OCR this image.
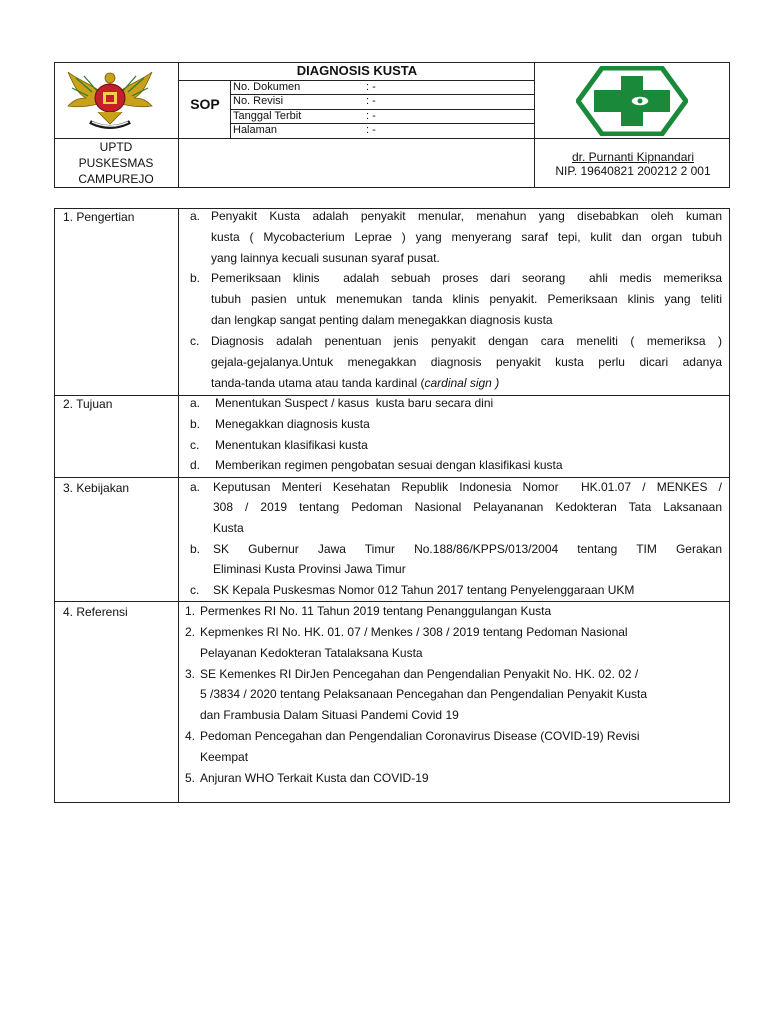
DIAGNOSIS KUSTA
SOP
No. Dokumen	: -
No. Revisi	: -
Tanggal Terbit	: -
Halaman	: -
UPTD
PUSKESMAS
CAMPUREJO
dr. Purnanti Kipnandari
NIP. 19640821 200212 2 001
1. Pengertian	a. Penyakit Kusta adalah penyakit menular, menahun yang disebabkan oleh kuman
kusta ( Mycobacterium Leprae ) yang menyerang saraf tepi, kulit dan organ tubuh
yang lainnya kecuali susunan syaraf pusat.
b. Pemeriksaan klinis  adalah sebuah proses dari seorang  ahli medis memeriksa
tubuh pasien untuk menemukan tanda klinis penyakit. Pemeriksaan klinis yang teliti
dan lengkap sangat penting dalam menegakkan diagnosis kusta
c. Diagnosis adalah penentuan jenis penyakit dengan cara meneliti ( memeriksa )
gejala-gejalanya.Untuk menegakkan diagnosis penyakit kusta perlu dicari adanya
tanda-tanda utama atau tanda kardinal (cardinal sign )
2. Tujuan	a. Menentukan Suspect / kasus  kusta baru secara dini
b. Menegakkan diagnosis kusta
c. Menentukan klasifikasi kusta
d. Memberikan regimen pengobatan sesuai dengan klasifikasi kusta
3. Kebijakan	a. Keputusan Menteri Kesehatan Republik Indonesia Nomor  HK.01.07 / MENKES /
308 / 2019 tentang Pedoman Nasional Pelayananan Kedokteran Tata Laksanaan
Kusta
b. SK Gubernur Jawa Timur No.188/86/KPPS/013/2004 tentang TIM Gerakan
Eliminasi Kusta Provinsi Jawa Timur
c. SK Kepala Puskesmas Nomor 012 Tahun 2017 tentang Penyelenggaraan UKM
4. Referensi	1. Permenkes RI No. 11 Tahun 2019 tentang Penanggulangan Kusta
2. Kepmenkes RI No. HK. 01. 07 / Menkes / 308 / 2019 tentang Pedoman Nasional
Pelayanan Kedokteran Tatalaksana Kusta
3. SE Kemenkes RI DirJen Pencegahan dan Pengendalian Penyakit No. HK. 02. 02 /
5 /3834 / 2020 tentang Pelaksanaan Pencegahan dan Pengendalian Penyakit Kusta
dan Frambusia Dalam Situasi Pandemi Covid 19
4. Pedoman Pencegahan dan Pengendalian Coronavirus Disease (COVID-19) Revisi
Keempat
5. Anjuran WHO Terkait Kusta dan COVID-19
